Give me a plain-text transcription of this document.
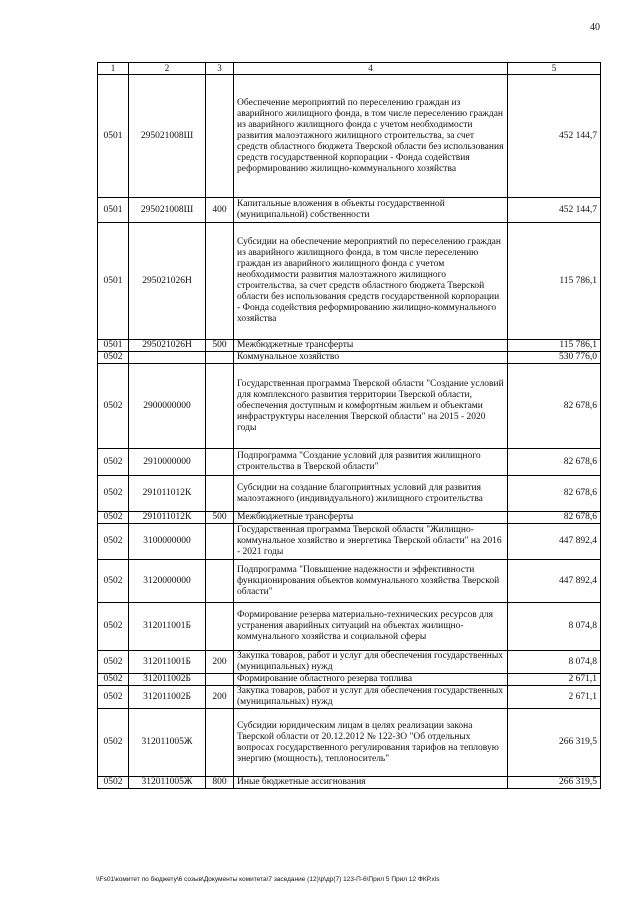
40
1	2	3	4	5
0501	295021008Ш		Обеспечение мероприятий по переселению граждан из аварийного жилищного фонда, в том числе переселению граждан из аварийного жилищного фонда с учетом необходимости развития малоэтажного жилищного строительства, за счет средств областного бюджета Тверской области без использования средств государственной корпорации - Фонда содействия реформированию жилищно-коммунального хозяйства	452 144,7
0501	295021008Ш	400	Капитальные вложения в объекты государственной (муниципальной) собственности	452 144,7
0501	295021026Н		Субсидии на обеспечение мероприятий по переселению граждан из аварийного жилищного фонда, в том числе переселению граждан из аварийного жилищного фонда с учетом необходимости развития малоэтажного жилищного строительства, за счет средств областного бюджета Тверской области без использования средств государственной корпорации - Фонда содействия реформированию жилищно-коммунального хозяйства	115 786,1
0501	295021026Н	500	Межбюджетные трансферты	115 786,1
0502			Коммунальное хозяйство	530 776,0
0502	2900000000		Государственная программа Тверской области "Создание условий для комплексного развития территории Тверской области, обеспечения доступным и комфортным жильем и объектами инфраструктуры населения Тверской области" на 2015 - 2020 годы	82 678,6
0502	2910000000		Подпрограмма "Создание условий для развития жилищного строительства в Тверской области"	82 678,6
0502	291011012К		Субсидии на создание благоприятных условий для развития малоэтажного (индивидуального) жилищного строительства	82 678,6
0502	291011012К	500	Межбюджетные трансферты	82 678,6
0502	3100000000		Государственная программа Тверской области "Жилищно-коммунальное хозяйство и энергетика Тверской области" на 2016 - 2021 годы	447 892,4
0502	3120000000		Подпрограмма "Повышение надежности и эффективности функционирования объектов коммунального хозяйства Тверской области"	447 892,4
0502	312011001Б		Формирование резерва материально-технических ресурсов для устранения аварийных ситуаций на объектах жилищно-коммунального хозяйства и социальной сферы	8 074,8
0502	312011001Б	200	Закупка товаров, работ и услуг для обеспечения государственных (муниципальных) нужд	8 074,8
0502	312011002Б		Формирование областного резерва топлива	2 671,1
0502	312011002Б	200	Закупка товаров, работ и услуг для обеспечения государственных (муниципальных) нужд	2 671,1
0502	312011005Ж		Субсидии юридическим лицам в целях реализации закона Тверской области от 20.12.2012 № 122-ЗО "Об отдельных вопросах государственного регулирования тарифов на тепловую энергию (мощность), теплоноситель"	266 319,5
0502	312011005Ж	800	Иные бюджетные ассигнования	266 319,5
\\Fs01\комитет по бюджету\6 созыв\Документы комитета\7 заседание (12)\р\др(7) 123-П-6\Прил 5 Прил 12 ФКР.xls
